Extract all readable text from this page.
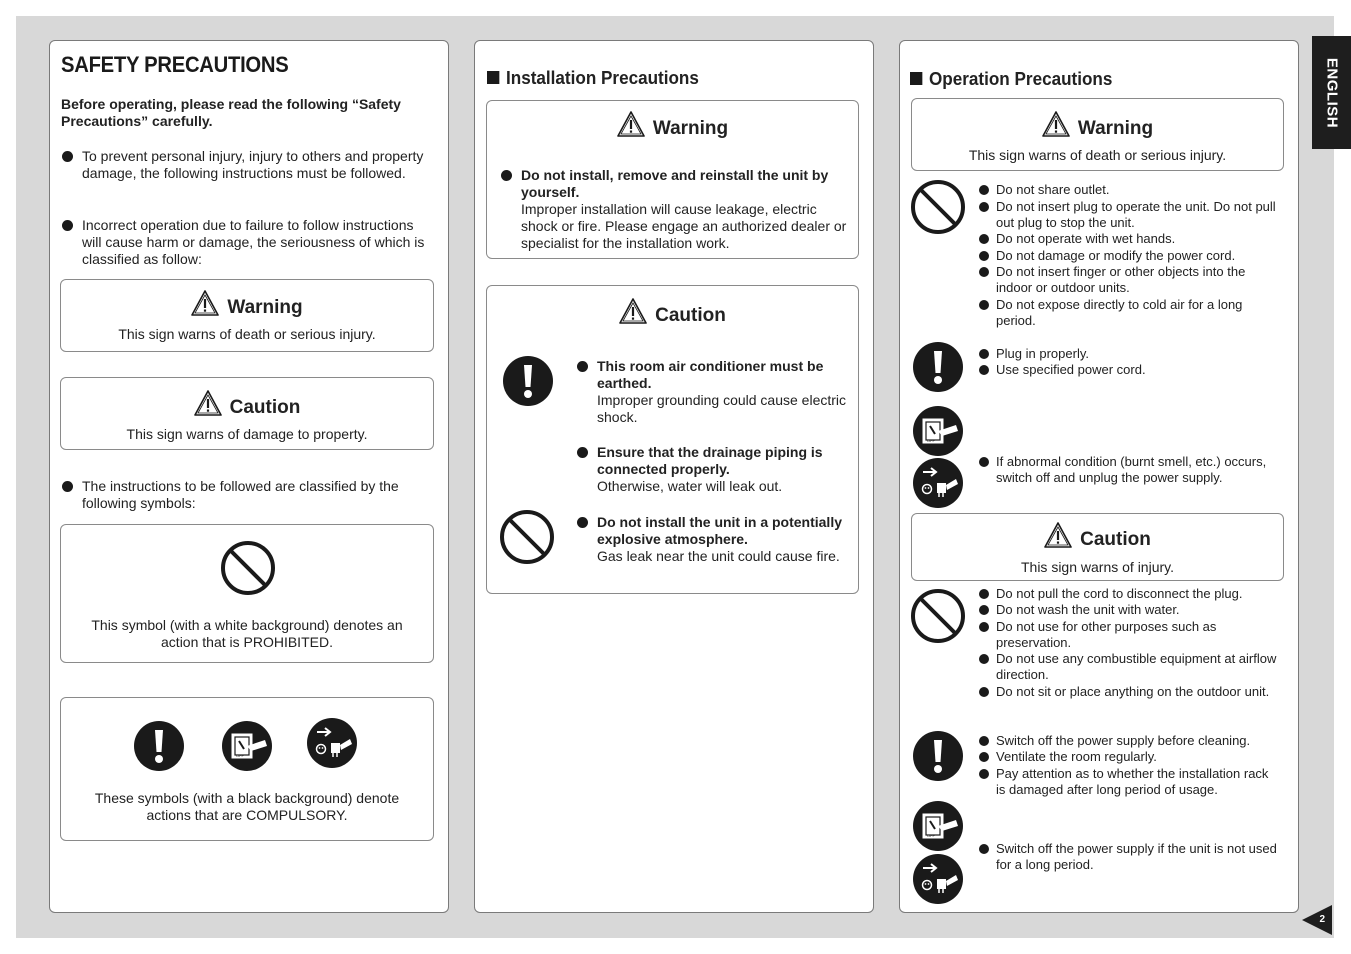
SAFETY PRECAUTIONS
Before operating, please read the following “Safety Precautions” carefully.
To prevent personal injury, injury to others and property damage, the following instructions must be followed.
Incorrect operation due to failure to follow instructions will cause harm or damage, the seriousness of which is classified as follow:
Warning
This sign warns of death or serious injury.
Caution
This sign warns of damage to property.
The instructions to be followed are classified by the following symbols:
This symbol (with a white background) denotes an action that is PROHIBITED.
These symbols (with a black background) denote actions that are COMPULSORY.
Installation Precautions
Warning
Do not install, remove and reinstall the unit by yourself.
Improper installation will cause leakage, electric shock or fire. Please engage an authorized dealer or specialist for the installation work.
Caution
This room air conditioner must be earthed.
Improper grounding could cause electric shock.
Ensure that the drainage piping is connected properly.
Otherwise, water will leak out.
Do not install the unit in a potentially explosive atmosphere.
Gas leak near the unit could cause fire.
Operation Precautions
Warning
This sign warns of death or serious injury.
Do not share outlet.
Do not insert plug to operate the unit. Do not pull out plug to stop the unit.
Do not operate with wet hands.
Do not damage or modify the power cord.
Do not insert finger or other objects into the indoor or outdoor units.
Do not expose directly to cold air for a long period.
Plug in properly.
Use specified power cord.
If abnormal condition (burnt smell, etc.) occurs, switch off and unplug the power supply.
Caution
This sign warns of injury.
Do not pull the cord to disconnect the plug.
Do not wash the unit with water.
Do not use for other purposes such as preservation.
Do not use any combustible equipment at airflow direction.
Do not sit or place anything on the outdoor unit.
Switch off the power supply before cleaning.
Ventilate the room regularly.
Pay attention as to whether the installation rack is damaged after long period of usage.
Switch off the power supply if the unit is not used for a long period.
ENGLISH
2
